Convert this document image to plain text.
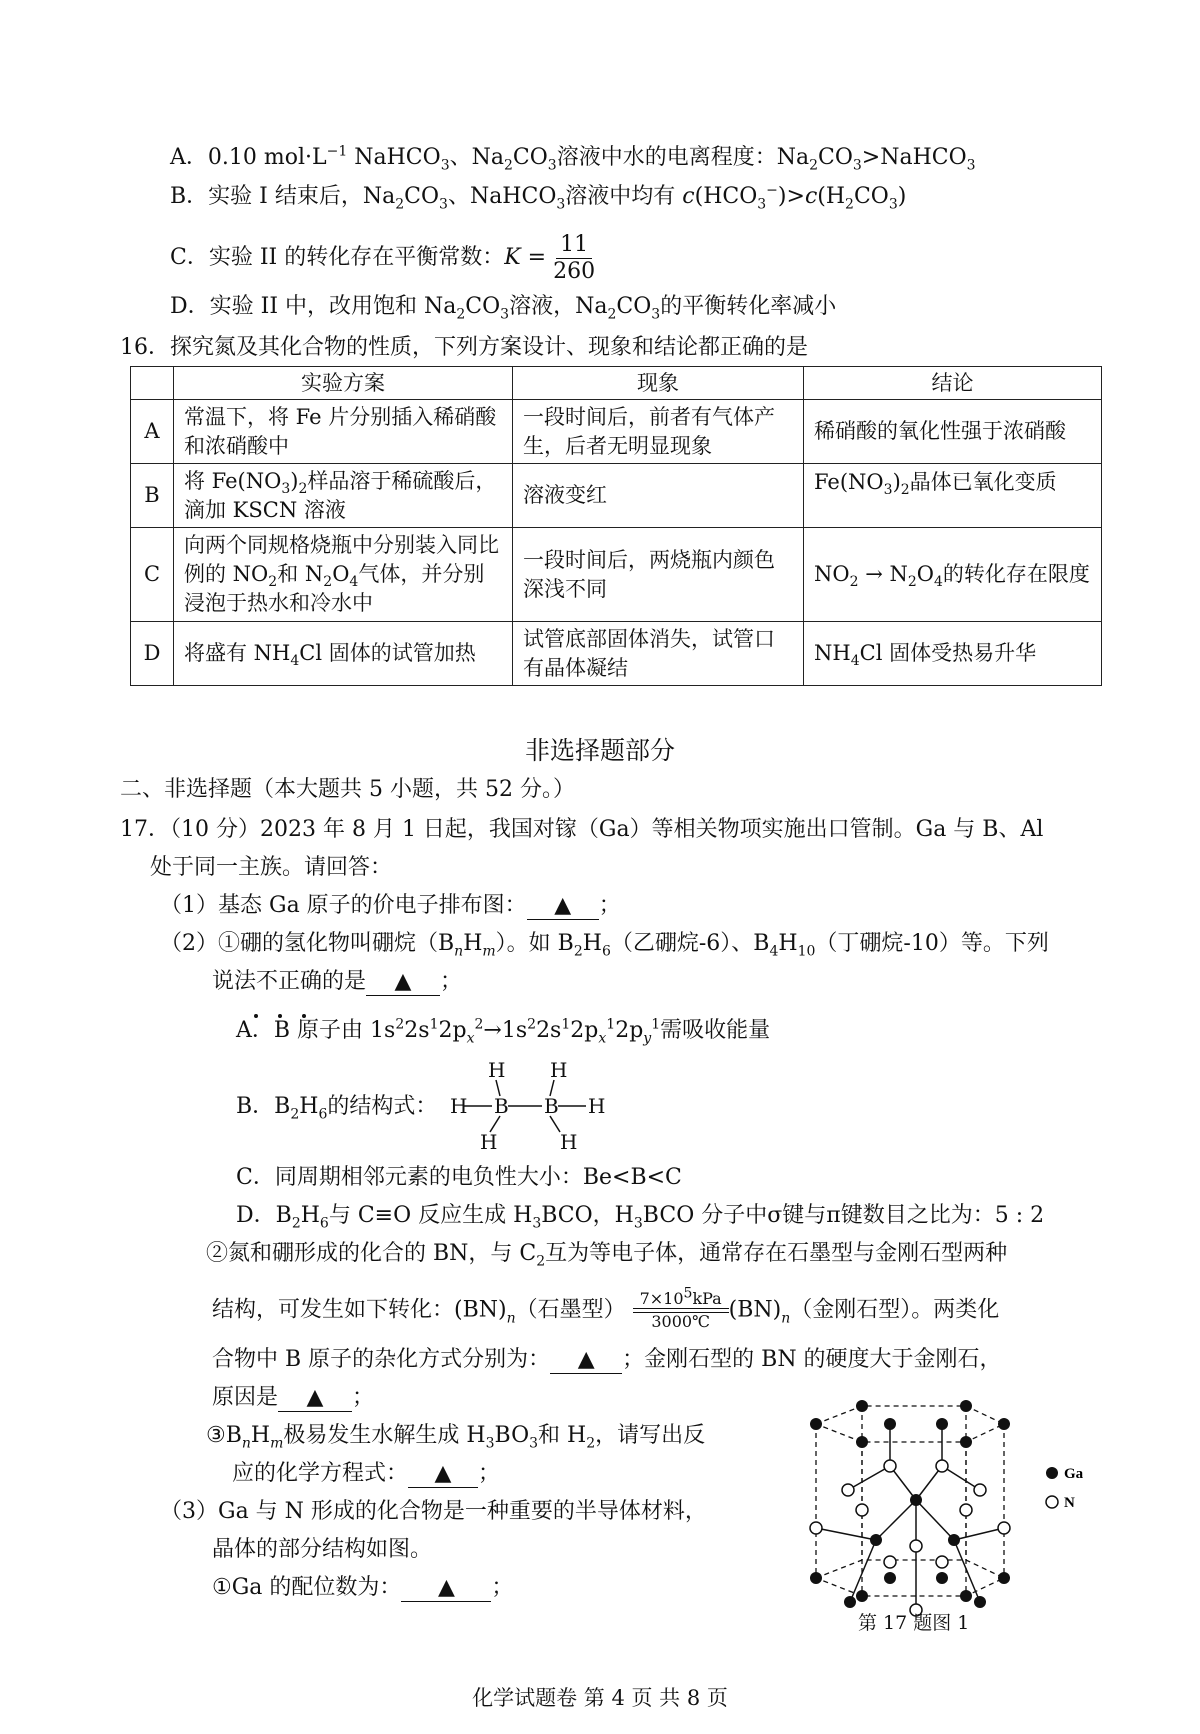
A．0.10 $mol\cdot L^{-1}$ NaHCO$_3$、$Na_2CO_3$溶液中水的电离程度：$Na_2CO_3>NaHCO_3$
B．实验 I 结束后，$Na_2CO_3$、NaHCO$_3$溶液中均有 $c(HCO_3^-)>c(H_2CO_3)$
C．实验 II 的转化存在平衡常数：$K = \frac{11}{260}$
D．实验 II 中，改用饱和 $Na_2CO_3$溶液，$Na_2CO_3$的平衡转化率减小
16．探究氮及其化合物的性质，下列方案设计、现象和结论都正确的是
	实验方案	现象	结论
A	常温下，将 Fe 片分别插入稀硝酸和浓硝酸中	一段时间后，前者有气体产生，后者无明显现象	稀硝酸的氧化性强于浓硝酸
B	将 $Fe(NO_3)_2$样品溶于稀硫酸后，滴加 KSCN 溶液	溶液变红	$Fe(NO_3)_2$晶体已氧化变质
C	向两个同规格烧瓶中分别装入同比例的 $NO_2$和 $N_2O_4$气体，并分别浸泡于热水和冷水中	一段时间后，两烧瓶内颜色深浅不同	$NO_2 \to N_2O_4$的转化存在限度
D	将盛有 $NH_4Cl$ 固体的试管加热	试管底部固体消失，试管口有晶体凝结	$NH_4Cl$ 固体受热易升华
非选择题部分
二、非选择题（本大题共 5 小题，共 52 分。）
17．（10 分）2023 年 8 月 1 日起，我国对镓（Ga）等相关物项实施出口管制。Ga 与 B、Al
处于同一主族。请回答：
（1）基态 Ga 原子的价电子排布图： ▲ ；
（2）①硼的氢化物叫硼烷$(B_nH_m)$。如 $B_2H_6$（乙硼烷-6）、$B_4H_{10}$（丁硼烷-10）等。下列
说法不正确的是 ▲ ；
A．B 原子由 $1s^22s^12p_x^2\to 1s^22s^12p_x^12p_y^1$需吸收能量
B．$B_2H_6$的结构式： H B B H
H H
H	H
C．同周期相邻元素的电负性大小：Be<B<C
D．$B_2H_6$与 C≡O 反应生成 $H_3BCO$，$H_3BCO$ 分子中σ键与π键数目之比为：5 : 2
②氮和硼形成的化合的 BN，与 $C_2$互为等电子体，通常存在石墨型与金刚石型两种
结构，可发生如下转化：$(BN)_n$（石墨型） $7\times 10^5kPa$
3000℃ $(BN)_n$（金刚石型）。两类化
合物中 B 原子的杂化方式分别为： ▲ ；金刚石型的 BN 的硬度大于金刚石，
原因是 ▲ ；
$③B_nH_m$极易发生水解生成 $H_3BO_3$和 $H_2$，请写出反
应的化学方程式： ▲ ；
（3）Ga 与 N 形成的化合物是一种重要的半导体材料，
晶体的部分结构如图。
①Ga 的配位数为： ▲ ；
Ga
N
第 17 题图 1
化学试题卷 第 4 页 共 8 页
